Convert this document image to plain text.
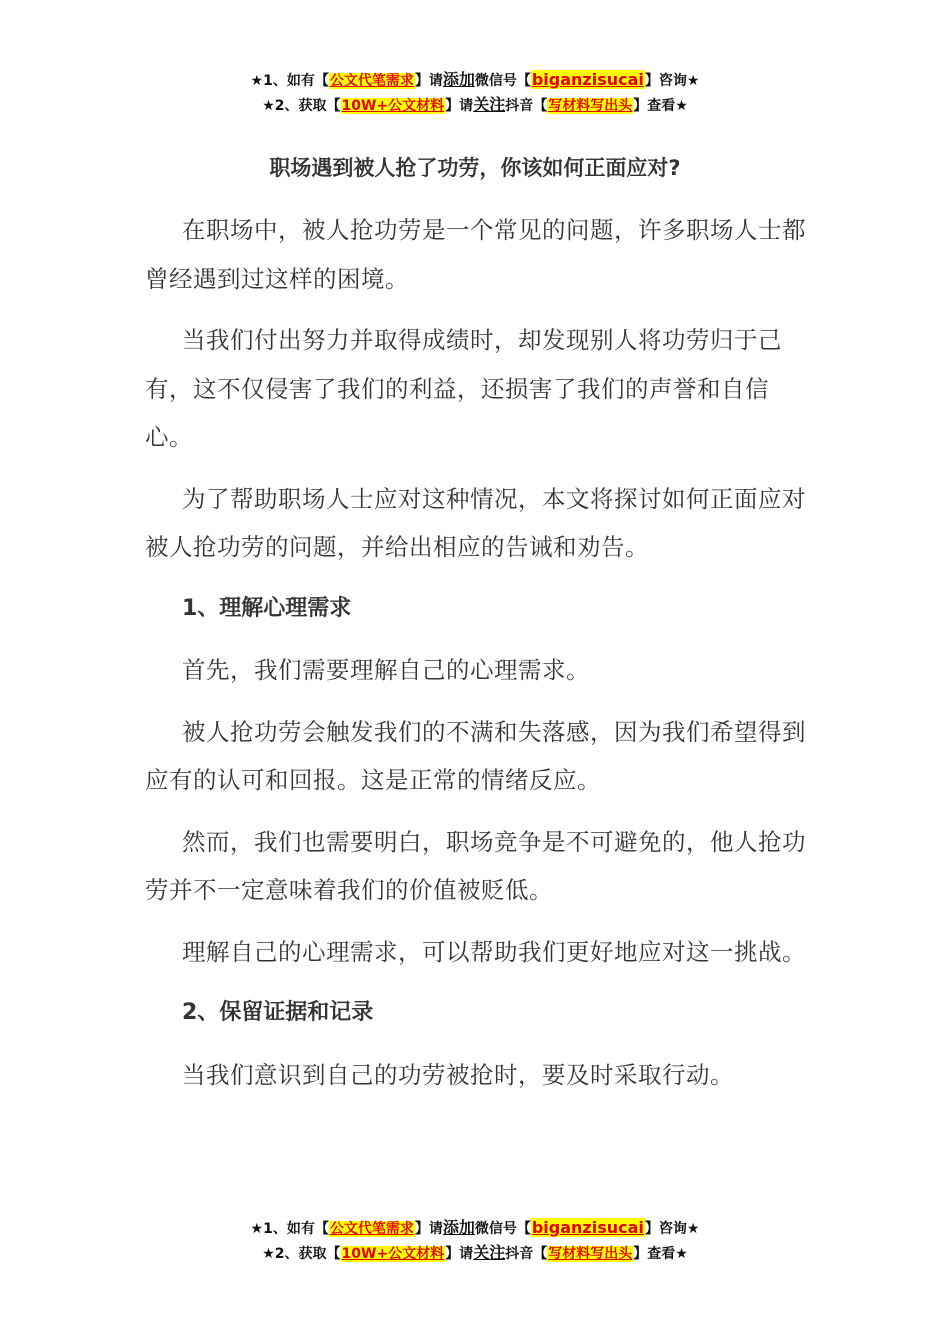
★1、如有【公文代笔需求】请添加微信号【biganzisucai】咨询★
★2、获取【10W+公文材料】请关注抖音【写材料写出头】查看★
职场遇到被人抢了功劳，你该如何正面应对?

在职场中，被人抢功劳是一个常见的问题，许多职场人士都曾经遇到过这样的困境。

当我们付出努力并取得成绩时，却发现别人将功劳归于己有，这不仅侵害了我们的利益，还损害了我们的声誉和自信心。

为了帮助职场人士应对这种情况，本文将探讨如何正面应对被人抢功劳的问题，并给出相应的告诫和劝告。

1、理解心理需求

首先，我们需要理解自己的心理需求。

被人抢功劳会触发我们的不满和失落感，因为我们希望得到应有的认可和回报。这是正常的情绪反应。

然而，我们也需要明白，职场竞争是不可避免的，他人抢功劳并不一定意味着我们的价值被贬低。

理解自己的心理需求，可以帮助我们更好地应对这一挑战。

2、保留证据和记录

当我们意识到自己的功劳被抢时，要及时采取行动。

★1、如有【公文代笔需求】请添加微信号【biganzisucai】咨询★
★2、获取【10W+公文材料】请关注抖音【写材料写出头】查看★
